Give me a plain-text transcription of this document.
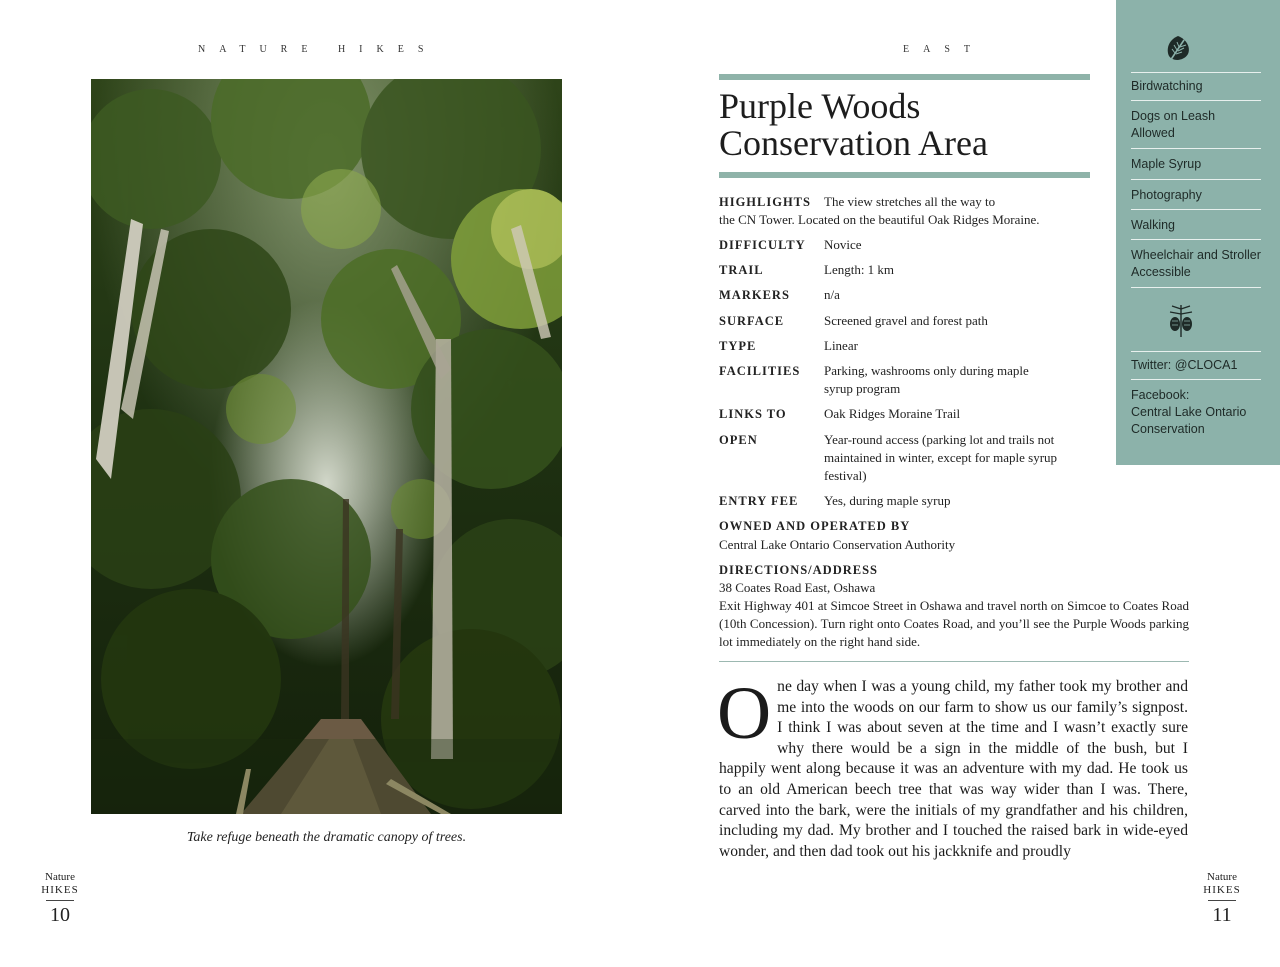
NATURE HIKES
Take refuge beneath the dramatic canopy of trees.
Nature
HIKES
10
EAST
Purple Woods
Conservation Area
HIGHLIGHTS The view stretches all the way to
the CN Tower. Located on the beautiful Oak Ridges Moraine.
DIFFICULTY Novice
TRAIL	Length: 1 km
MARKERS	n/a
SURFACE	Screened gravel and forest path
TYPE	Linear
FACILITIES Parking, washrooms only during maple syrup program
LINKS TO	Oak Ridges Moraine Trail
OPEN	Year-round access (parking lot and trails not maintained in winter, except for maple syrup festival)
ENTRY FEE Yes, during maple syrup
OWNED AND OPERATED BY
Central Lake Ontario Conservation Authority
DIRECTIONS/ADDRESS
38 Coates Road East, Oshawa
Exit Highway 401 at Simcoe Street in Oshawa and travel north on Simcoe to Coates Road (10th Concession). Turn right onto Coates Road, and you’ll see the Purple Woods parking lot immediately on the right hand side.
One day when I was a young child, my father took my brother and me into the woods on our farm to show us our family’s signpost. I think I was about seven at the time and I wasn’t exactly sure why there would be a sign in the middle of the bush, but I happily went along because it was an adventure with my dad. He took us to an old American beech tree that was way wider than I was. There, carved into the bark, were the initials of my grandfather and his children, including my dad. My brother and I touched the raised bark in wide-eyed wonder, and then dad took out his jackknife and proudly
Nature
HIKES
11
Birdwatching
Dogs on Leash Allowed
Maple Syrup
Photography
Walking
Wheelchair and Stroller Accessible
Twitter: @CLOCA1
Facebook:
Central Lake Ontario Conservation
